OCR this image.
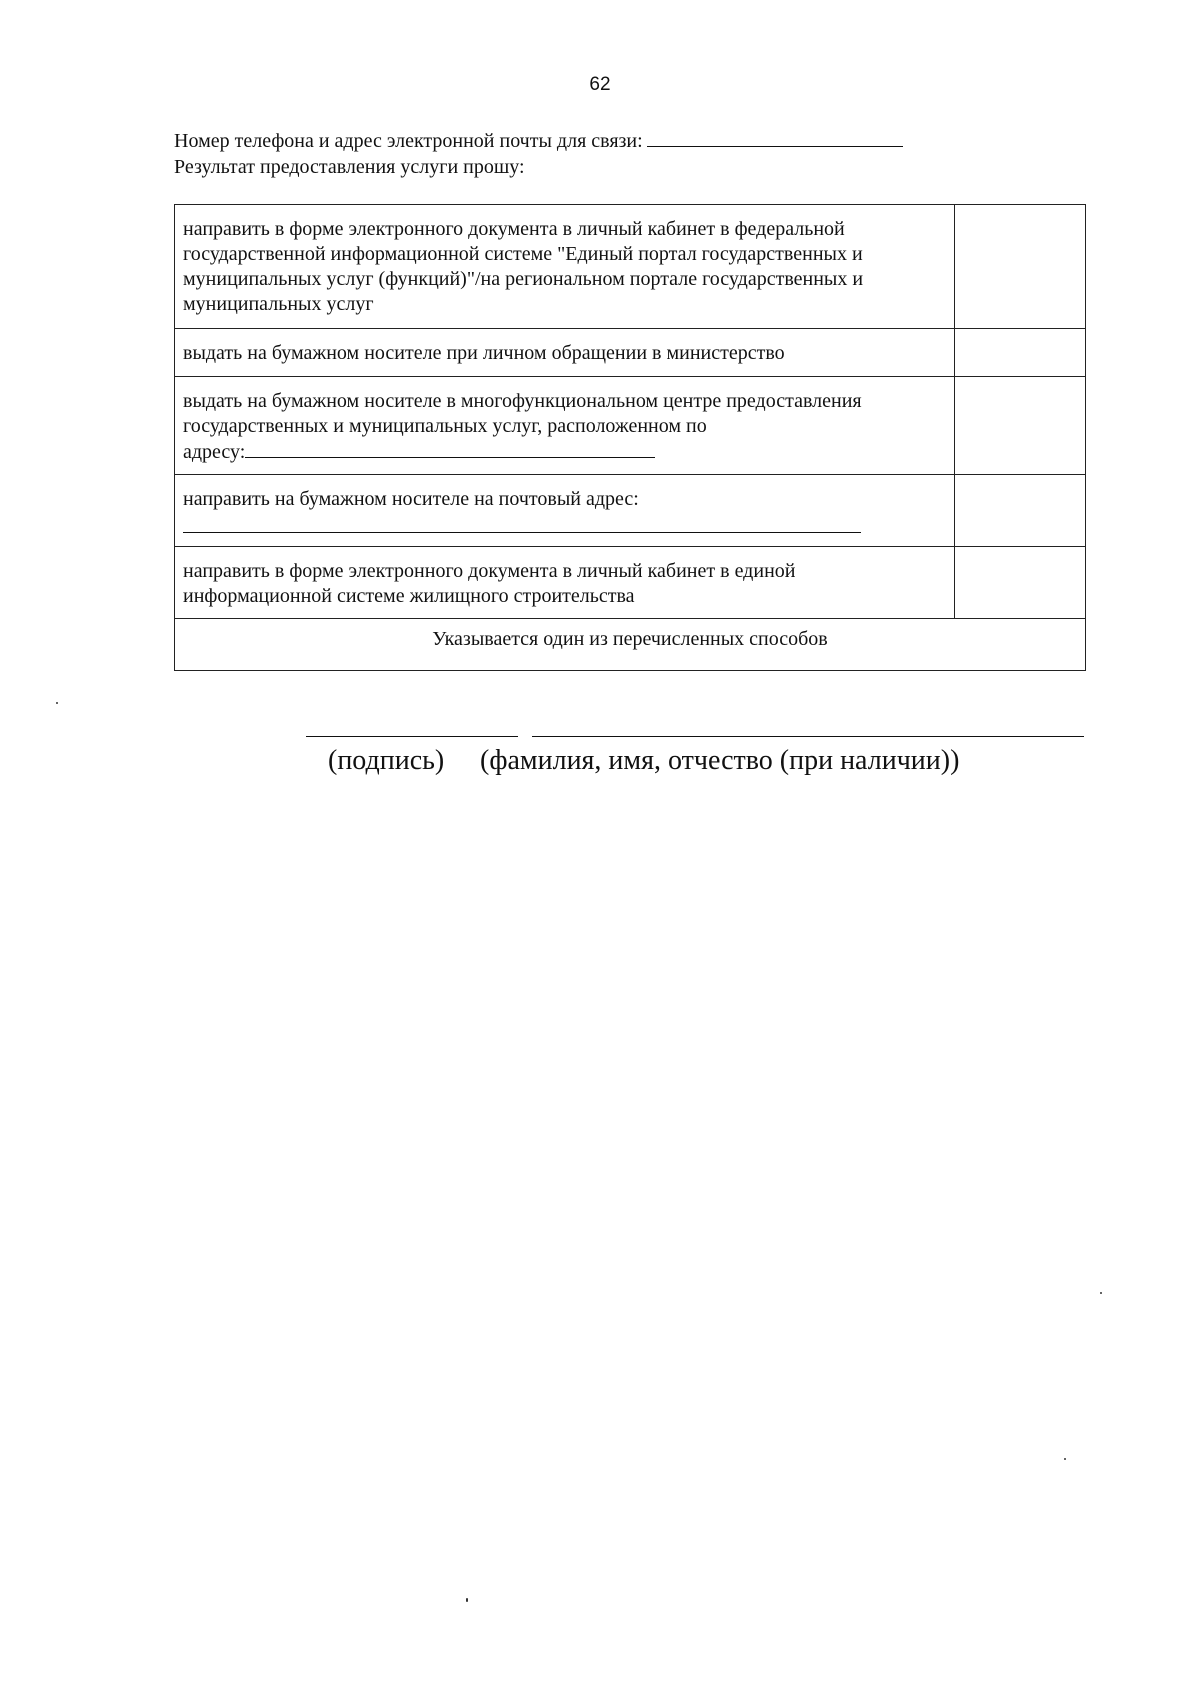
62
Номер телефона и адрес электронной почты для связи:
Результат предоставления услуги прошу:
направить в форме электронного документа в личный кабинет в федеральной государственной информационной системе "Единый портал государственных и муниципальных услуг (функций)"/на региональном портале государственных и муниципальных услуг	
выдать на бумажном носителе при личном обращении в министерство	

выдать на бумажном носителе в многофункциональном центре предоставления государственных и муниципальных услуг, расположенном по
адресу:	

направить на бумажном носителе на почтовый адрес:	

направить в форме электронного документа в личный кабинет в единой информационной системе жилищного строительства	
Указывается один из перечисленных способов	
(подпись) (фамилия, имя, отчество (при наличии))
